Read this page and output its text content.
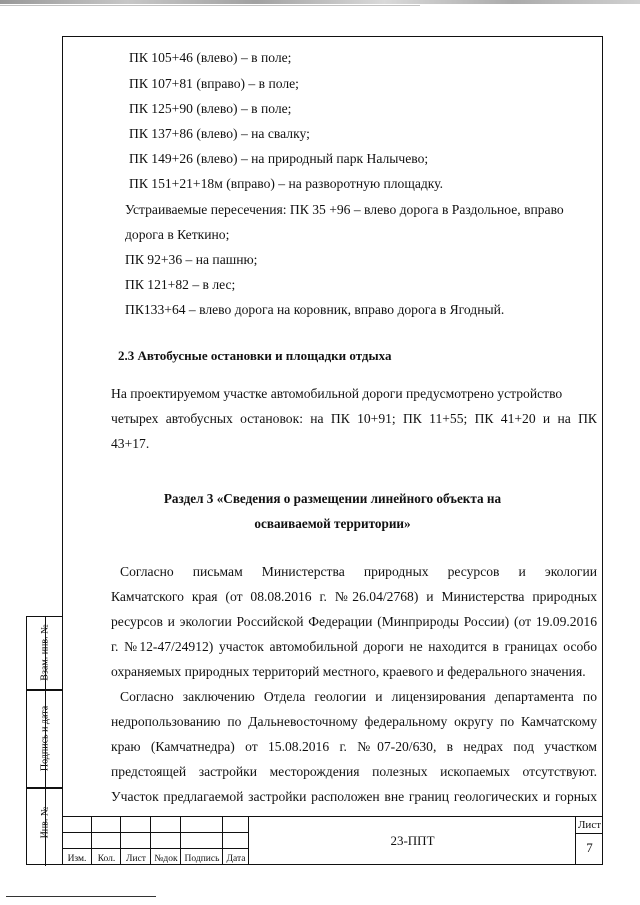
ПК 105+46 (влево) – в поле;
ПК 107+81 (вправо) – в поле;
ПК 125+90 (влево) – в поле;
ПК 137+86 (влево) – на свалку;
ПК 149+26 (влево) – на природный парк Налычево;
ПК 151+21+18м (вправо) – на разворотную площадку.
Устраиваемые пересечения: ПК 35 +96 – влево дорога в Раздольное, вправо
дорога в Кеткино;
ПК 92+36 – на пашню;
ПК 121+82 – в лес;
ПК133+64 – влево дорога на коровник, вправо дорога в Ягодный.
2.3 Автобусные остановки и площадки отдыха
На проектируемом участке автомобильной дороги предусмотрено устройство
четырех автобусных остановок: на ПК 10+91; ПК 11+55; ПК 41+20 и на ПК
43+17.
Раздел 3 «Сведения о размещении линейного объекта на
осваиваемой территории»
Согласно письмам Министерства природных ресурсов и экологии
Камчатского края (от 08.08.2016 г. №26.04/2768) и Министерства природных
ресурсов и экологии Российской Федерации (Минприроды России) (от 19.09.2016
г. №12-47/24912) участок автомобильной дороги не находится в границах особо
охраняемых природных территорий местного, краевого и федерального значения.
Согласно заключению Отдела геологии и лицензирования департамента по
недропользованию по Дальневосточному федеральному округу по Камчатскому
краю (Камчатнедра) от 15.08.2016 г. №07-20/630, в недрах под участком
предстоящей застройки месторождения полезных ископаемых отсутствуют.
Участок предлагаемой застройки расположен вне границ геологических и горных
Взам. инв. №
Подпись и дата
Инв. №
Изм.	Кол.	Лист №док Подпись Дата
23-ППТ
Лист
7
